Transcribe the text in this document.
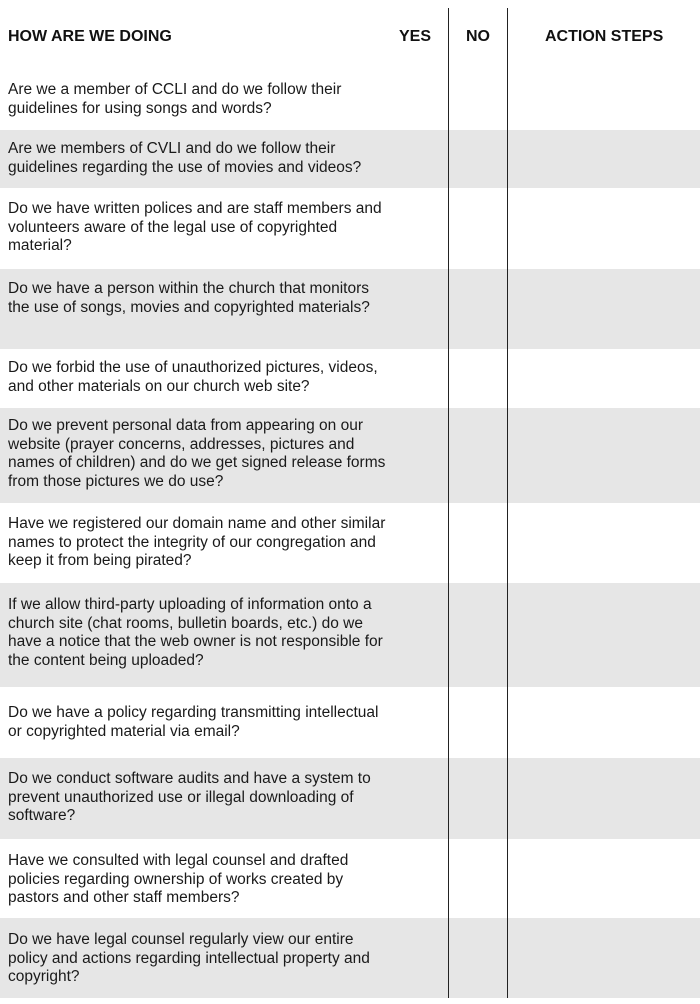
HOW ARE WE DOING	YES NO	ACTION STEPS
Are we a member of CCLI and do we follow their guidelines for using songs and words?
Are we members of CVLI and do we follow their guidelines regarding the use of movies and videos?
Do we have written polices and are staff members and volunteers aware of the legal use of copyrighted material?
Do we have a person within the church that monitors the use of songs, movies and copyrighted materials?
Do we forbid the use of unauthorized pictures, videos, and other materials on our church web site?
Do we prevent personal data from appearing on our website (prayer concerns, addresses, pictures and names of children) and do we get signed release forms from those pictures we do use?
Have we registered our domain name and other similar names to protect the integrity of our congregation and keep it from being pirated?
If we allow third-party uploading of information onto a church site (chat rooms, bulletin boards, etc.) do we have a notice that the web owner is not responsible for the content being uploaded?
Do we have a policy regarding transmitting intellectual or copyrighted material via email?
Do we conduct software audits and have a system to prevent unauthorized use or illegal downloading of software?
Have we consulted with legal counsel and drafted policies regarding ownership of works created by pastors and other staff members?
Do we have legal counsel regularly view our entire policy and actions regarding intellectual property and copyright?
